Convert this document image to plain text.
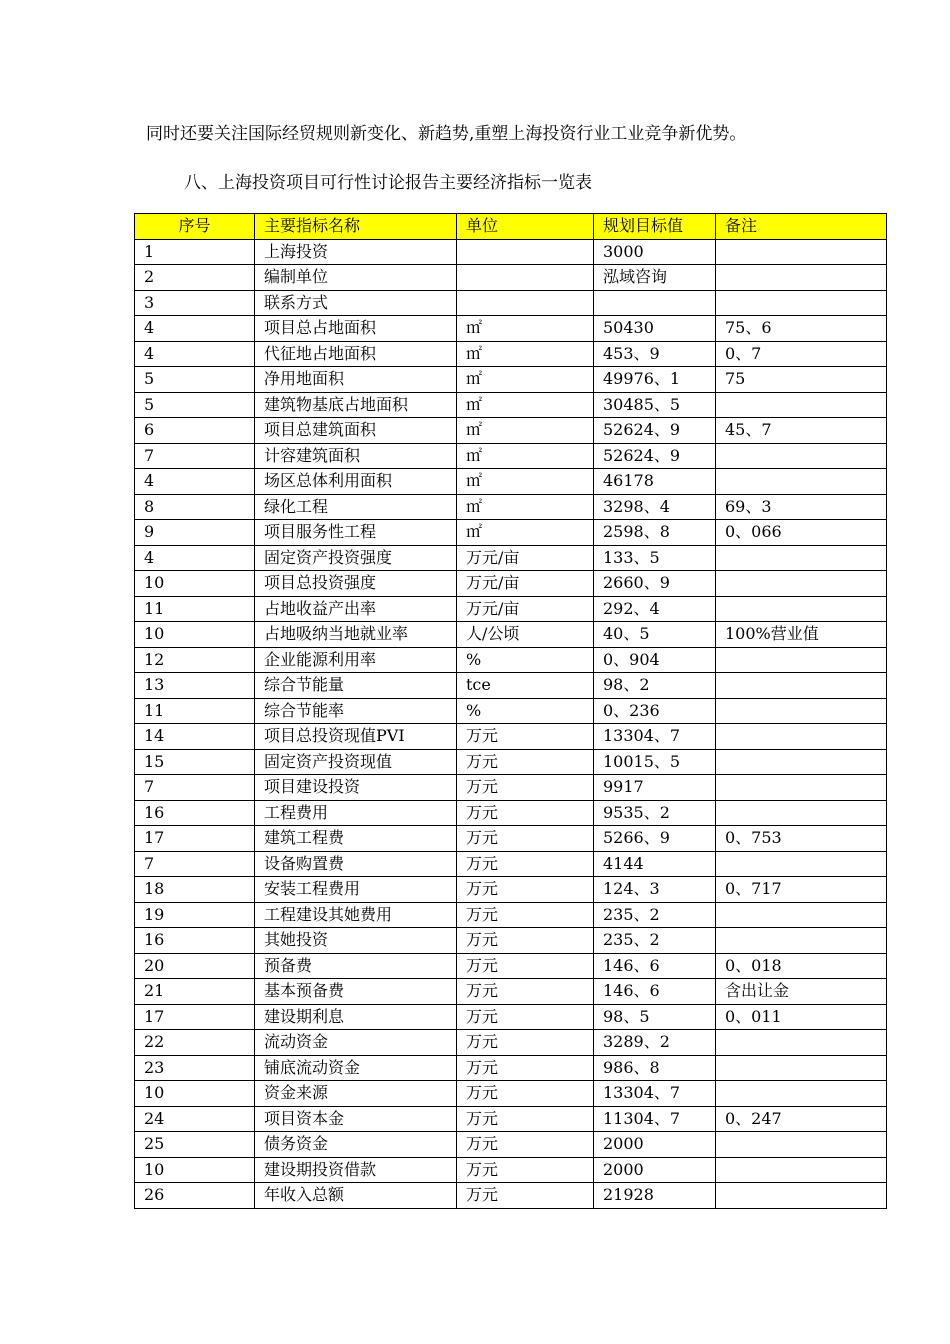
同时还要关注国际经贸规则新变化、新趋势,重塑上海投资行业工业竞争新优势。
八、上海投资项目可行性讨论报告主要经济指标一览表
序号	主要指标名称	单位	规划目标值	备注
1	上海投资		3000	
2	编制单位		泓域咨询	
3	联系方式			
4	项目总占地面积	㎡	50430	75、6
4	代征地占地面积	㎡	453、9	0、7
5	净用地面积	㎡	49976、1	75
5	建筑物基底占地面积	㎡	30485、5	
6	项目总建筑面积	㎡	52624、9	45、7
7	计容建筑面积	㎡	52624、9	
4	场区总体利用面积	㎡	46178	
8	绿化工程	㎡	3298、4	69、3
9	项目服务性工程	㎡	2598、8	0、066
4	固定资产投资强度	万元/亩	133、5	
10	项目总投资强度	万元/亩	2660、9	
11	占地收益产出率	万元/亩	292、4	
10	占地吸纳当地就业率	人/公顷	40、5	100%营业值
12	企业能源利用率	%	0、904	
13	综合节能量	tce	98、2	
11	综合节能率	%	0、236	
14	项目总投资现值PVI	万元	13304、7	
15	固定资产投资现值	万元	10015、5	
7	项目建设投资	万元	9917	
16	工程费用	万元	9535、2	
17	建筑工程费	万元	5266、9	0、753
7	设备购置费	万元	4144	
18	安装工程费用	万元	124、3	0、717
19	工程建设其她费用	万元	235、2	
16	其她投资	万元	235、2	
20	预备费	万元	146、6	0、018
21	基本预备费	万元	146、6	含出让金
17	建设期利息	万元	98、5	0、011
22	流动资金	万元	3289、2	
23	铺底流动资金	万元	986、8	
10	资金来源	万元	13304、7	
24	项目资本金	万元	11304、7	0、247
25	债务资金	万元	2000	
10	建设期投资借款	万元	2000	
26	年收入总额	万元	21928	
